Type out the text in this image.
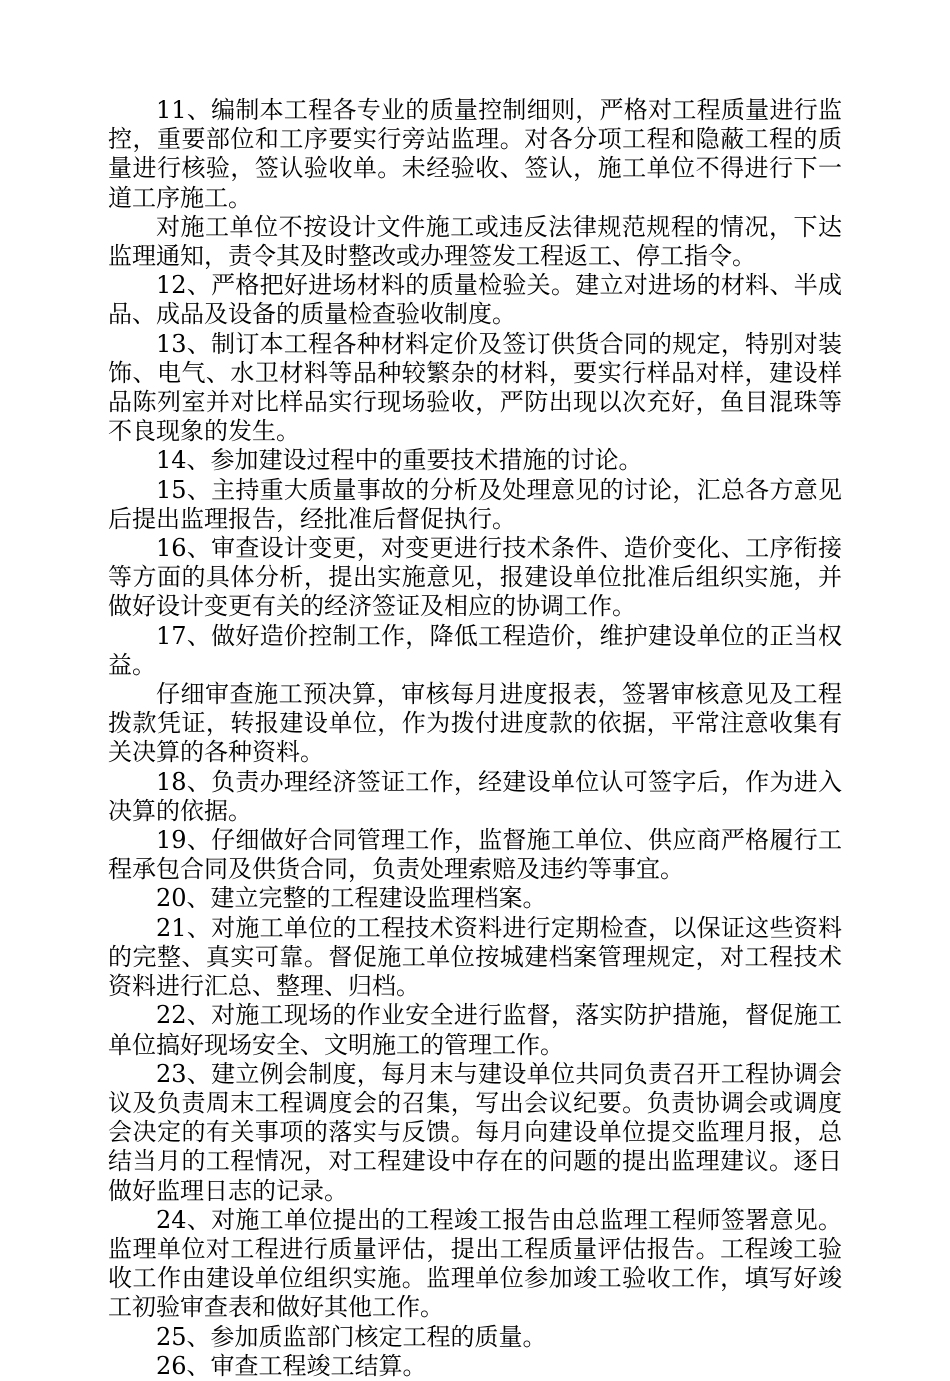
11、编制本工程各专业的质量控制细则，严格对工程质量进行监控，重要部位和工序要实行旁站监理。对各分项工程和隐蔽工程的质量进行核验，签认验收单。未经验收、签认，施工单位不得进行下一道工序施工。

对施工单位不按设计文件施工或违反法律规范规程的情况，下达监理通知，责令其及时整改或办理签发工程返工、停工指令。

12、严格把好进场材料的质量检验关。建立对进场的材料、半成品、成品及设备的质量检查验收制度。

13、制订本工程各种材料定价及签订供货合同的规定，特别对装饰、电气、水卫材料等品种较繁杂的材料，要实行样品对样，建设样品陈列室并对比样品实行现场验收，严防出现以次充好，鱼目混珠等不良现象的发生。

14、参加建设过程中的重要技术措施的讨论。

15、主持重大质量事故的分析及处理意见的讨论，汇总各方意见后提出监理报告，经批准后督促执行。

16、审查设计变更，对变更进行技术条件、造价变化、工序衔接等方面的具体分析，提出实施意见，报建设单位批准后组织实施，并做好设计变更有关的经济签证及相应的协调工作。

17、做好造价控制工作，降低工程造价，维护建设单位的正当权益。

仔细审查施工预决算，审核每月进度报表，签署审核意见及工程拨款凭证，转报建设单位，作为拨付进度款的依据，平常注意收集有关决算的各种资料。

18、负责办理经济签证工作，经建设单位认可签字后，作为进入决算的依据。

19、仔细做好合同管理工作，监督施工单位、供应商严格履行工程承包合同及供货合同，负责处理索赔及违约等事宜。

20、建立完整的工程建设监理档案。

21、对施工单位的工程技术资料进行定期检查，以保证这些资料的完整、真实可靠。督促施工单位按城建档案管理规定，对工程技术资料进行汇总、整理、归档。

22、对施工现场的作业安全进行监督，落实防护措施，督促施工单位搞好现场安全、文明施工的管理工作。

23、建立例会制度，每月末与建设单位共同负责召开工程协调会议及负责周末工程调度会的召集，写出会议纪要。负责协调会或调度会决定的有关事项的落实与反馈。每月向建设单位提交监理月报，总结当月的工程情况，对工程建设中存在的问题的提出监理建议。逐日做好监理日志的记录。

24、对施工单位提出的工程竣工报告由总监理工程师签署意见。监理单位对工程进行质量评估，提出工程质量评估报告。工程竣工验收工作由建设单位组织实施。监理单位参加竣工验收工作，填写好竣工初验审查表和做好其他工作。

25、参加质监部门核定工程的质量。

26、审查工程竣工结算。
